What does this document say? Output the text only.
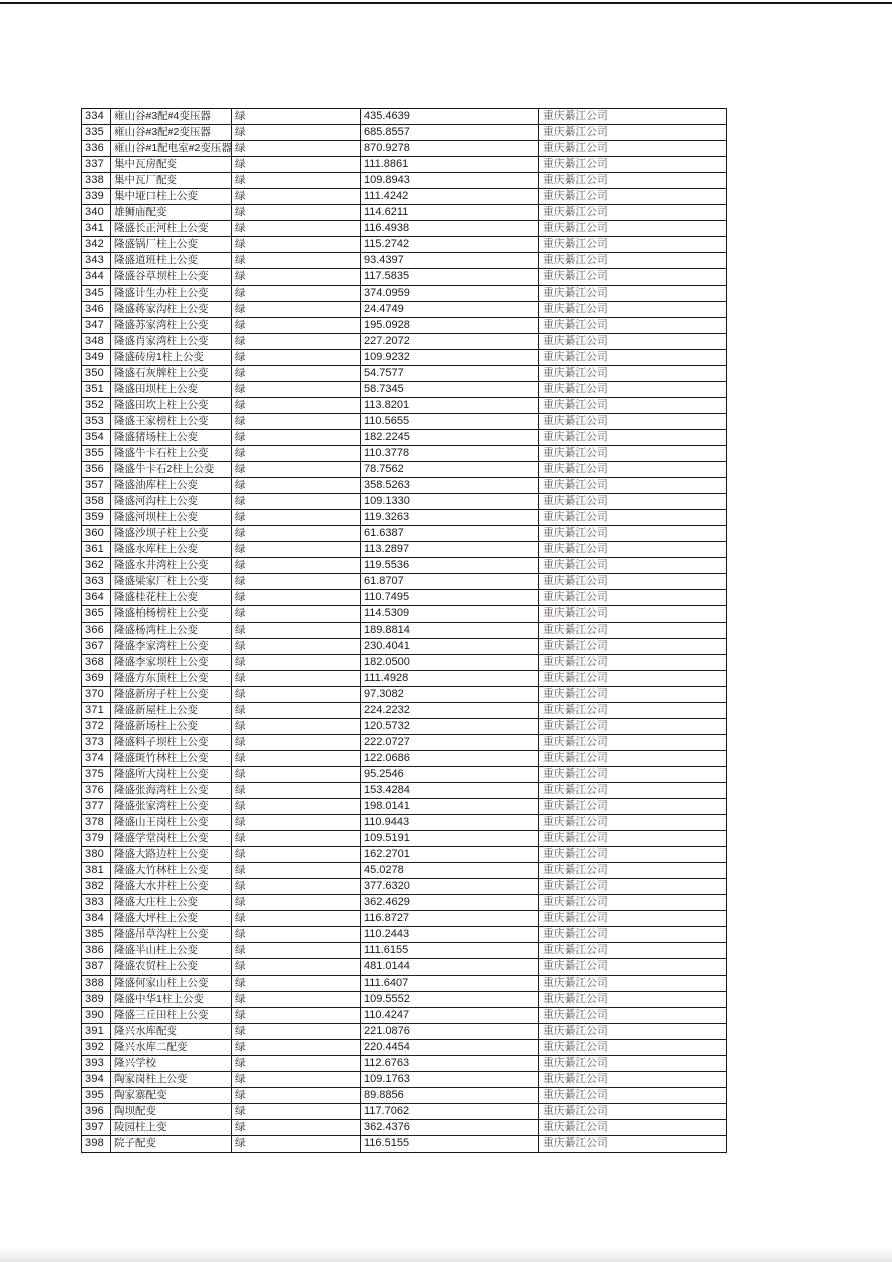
334 雍山谷#3配#4变压器	绿	435.4639	重庆綦江公司
335 雍山谷#3配#2变压器	绿	685.8557	重庆綦江公司
336 雍山谷#1配电室#2变压器 绿	870.9278	重庆綦江公司
337 集中瓦房配变	绿	111.8861	重庆綦江公司
338 集中瓦厂配变	绿	109.8943	重庆綦江公司
339 集中垭口柱上公变	绿	111.4242	重庆綦江公司
340 雄狮庙配变	绿	114.6211	重庆綦江公司
341 隆盛长正河柱上公变	绿	116.4938	重庆綦江公司
342 隆盛锅厂柱上公变	绿	115.2742	重庆綦江公司
343 隆盛道班柱上公变	绿	93.4397	重庆綦江公司
344 隆盛谷草坝柱上公变	绿	117.5835	重庆綦江公司
345 隆盛计生办柱上公变	绿	374.0959	重庆綦江公司
346 隆盛蒋家沟柱上公变	绿	24.4749	重庆綦江公司
347 隆盛苏家湾柱上公变	绿	195.0928	重庆綦江公司
348 隆盛肖家湾柱上公变	绿	227.2072	重庆綦江公司
349 隆盛砖房1柱上公变	绿	109.9232	重庆綦江公司
350 隆盛石灰牌柱上公变	绿	54.7577	重庆綦江公司
351 隆盛田坝柱上公变	绿	58.7345	重庆綦江公司
352 隆盛田坎上柱上公变	绿	113.8201	重庆綦江公司
353 隆盛王家榜柱上公变	绿	110.5655	重庆綦江公司
354 隆盛猪场柱上公变	绿	182.2245	重庆綦江公司
355 隆盛牛卡石柱上公变	绿	110.3778	重庆綦江公司
356 隆盛牛卡石2柱上公变	绿	78.7562	重庆綦江公司
357 隆盛油库柱上公变	绿	358.5263	重庆綦江公司
358 隆盛河沟柱上公变	绿	109.1330	重庆綦江公司
359 隆盛河坝柱上公变	绿	119.3263	重庆綦江公司
360 隆盛沙坝子柱上公变	绿	61.6387	重庆綦江公司
361 隆盛水库柱上公变	绿	113.2897	重庆綦江公司
362 隆盛水井湾柱上公变	绿	119.5536	重庆綦江公司
363 隆盛梁家厂柱上公变	绿	61.8707	重庆綦江公司
364 隆盛桂花柱上公变	绿	110.7495	重庆綦江公司
365 隆盛柏杨榜柱上公变	绿	114.5309	重庆綦江公司
366 隆盛杨湾柱上公变	绿	189.8814	重庆綦江公司
367 隆盛李家湾柱上公变	绿	230.4041	重庆綦江公司
368 隆盛李家坝柱上公变	绿	182.0500	重庆綦江公司
369 隆盛方东顶柱上公变	绿	111.4928	重庆綦江公司
370 隆盛新房子柱上公变	绿	97.3082	重庆綦江公司
371 隆盛新屋柱上公变	绿	224.2232	重庆綦江公司
372 隆盛新场柱上公变	绿	120.5732	重庆綦江公司
373 隆盛料子坝柱上公变	绿	222.0727	重庆綦江公司
374 隆盛斑竹林柱上公变	绿	122.0686	重庆綦江公司
375 隆盛所大岗柱上公变	绿	95.2546	重庆綦江公司
376 隆盛张海湾柱上公变	绿	153.4284	重庆綦江公司
377 隆盛张家湾柱上公变	绿	198.0141	重庆綦江公司
378 隆盛山王岗柱上公变	绿	110.9443	重庆綦江公司
379 隆盛学堂岗柱上公变	绿	109.5191	重庆綦江公司
380 隆盛大路边柱上公变	绿	162.2701	重庆綦江公司
381 隆盛大竹林柱上公变	绿	45.0278	重庆綦江公司
382 隆盛大水井柱上公变	绿	377.6320	重庆綦江公司
383 隆盛大庄柱上公变	绿	362.4629	重庆綦江公司
384 隆盛大坪柱上公变	绿	116.8727	重庆綦江公司
385 隆盛吊草沟柱上公变	绿	110.2443	重庆綦江公司
386 隆盛半山柱上公变	绿	111.6155	重庆綦江公司
387 隆盛农贸柱上公变	绿	481.0144	重庆綦江公司
388 隆盛何家山柱上公变	绿	111.6407	重庆綦江公司
389 隆盛中华1柱上公变	绿	109.5552	重庆綦江公司
390 隆盛三丘田柱上公变	绿	110.4247	重庆綦江公司
391 隆兴水库配变	绿	221.0876	重庆綦江公司
392 隆兴水库二配变	绿	220.4454	重庆綦江公司
393 隆兴学校	绿	112.6763	重庆綦江公司
394 陶家岗柱上公变	绿	109.1763	重庆綦江公司
395 陶家寨配变	绿	89.8856	重庆綦江公司
396 陶坝配变	绿	117.7062	重庆綦江公司
397 陵园柱上变	绿	362.4376	重庆綦江公司
398 院子配变	绿	116.5155	重庆綦江公司
